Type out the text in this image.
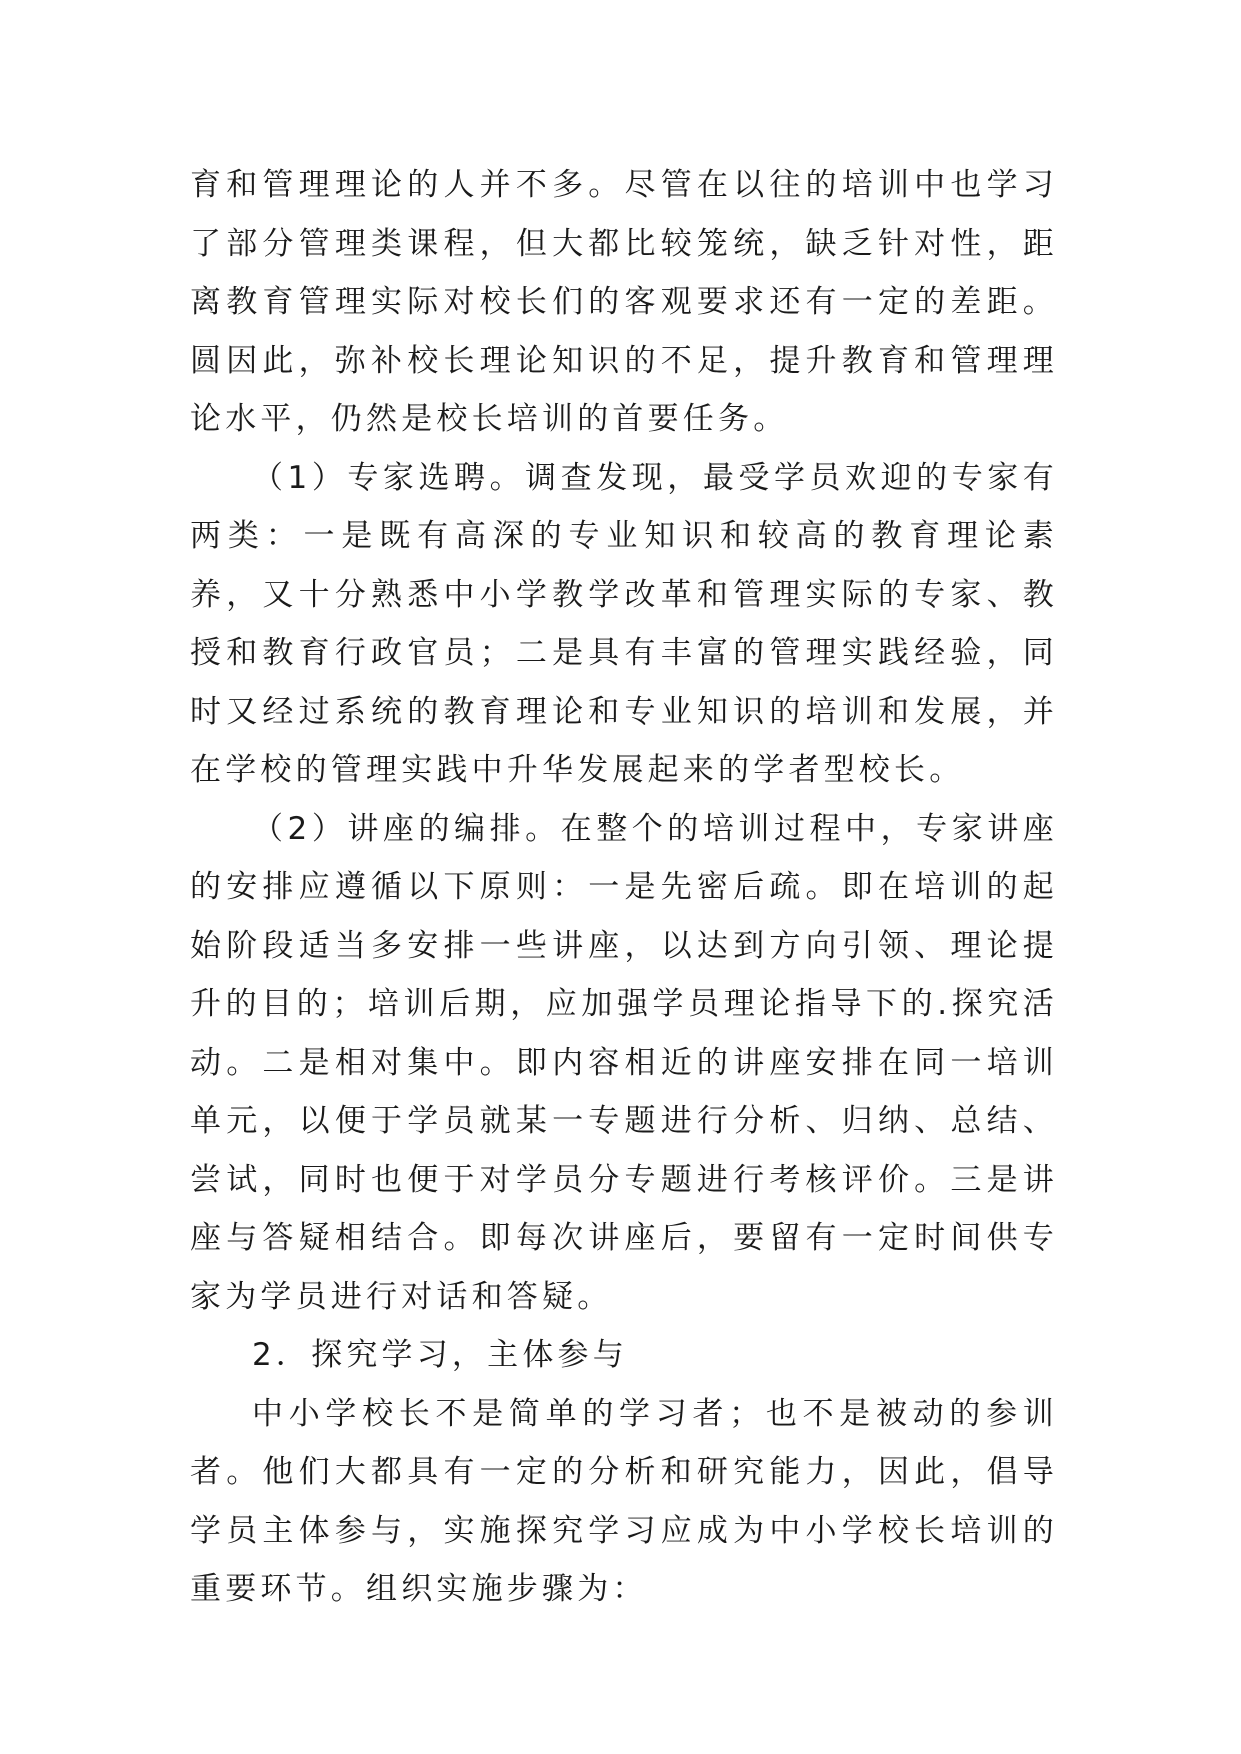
育和管理理论的人并不多。尽管在以往的培训中也学习了部分管理类课程，但大都比较笼统，缺乏针对性，距离教育管理实际对校长们的客观要求还有一定的差距。圆因此，弥补校长理论知识的不足，提升教育和管理理论水平，仍然是校长培训的首要任务。

（1）专家选聘。调查发现，最受学员欢迎的专家有两类：一是既有高深的专业知识和较高的教育理论素养，又十分熟悉中小学教学改革和管理实际的专家、教授和教育行政官员；二是具有丰富的管理实践经验，同时又经过系统的教育理论和专业知识的培训和发展，并在学校的管理实践中升华发展起来的学者型校长。

（2）讲座的编排。在整个的培训过程中，专家讲座的安排应遵循以下原则：一是先密后疏。即在培训的起始阶段适当多安排一些讲座，以达到方向引领、理论提升的目的；培训后期，应加强学员理论指导下的.探究活动。二是相对集中。即内容相近的讲座安排在同一培训单元，以便于学员就某一专题进行分析、归纳、总结、尝试，同时也便于对学员分专题进行考核评价。三是讲座与答疑相结合。即每次讲座后，要留有一定时间供专家为学员进行对话和答疑。

2．探究学习，主体参与

中小学校长不是简单的学习者；也不是被动的参训者。他们大都具有一定的分析和研究能力，因此，倡导学员主体参与，实施探究学习应成为中小学校长培训的重要环节。组织实施步骤为：
